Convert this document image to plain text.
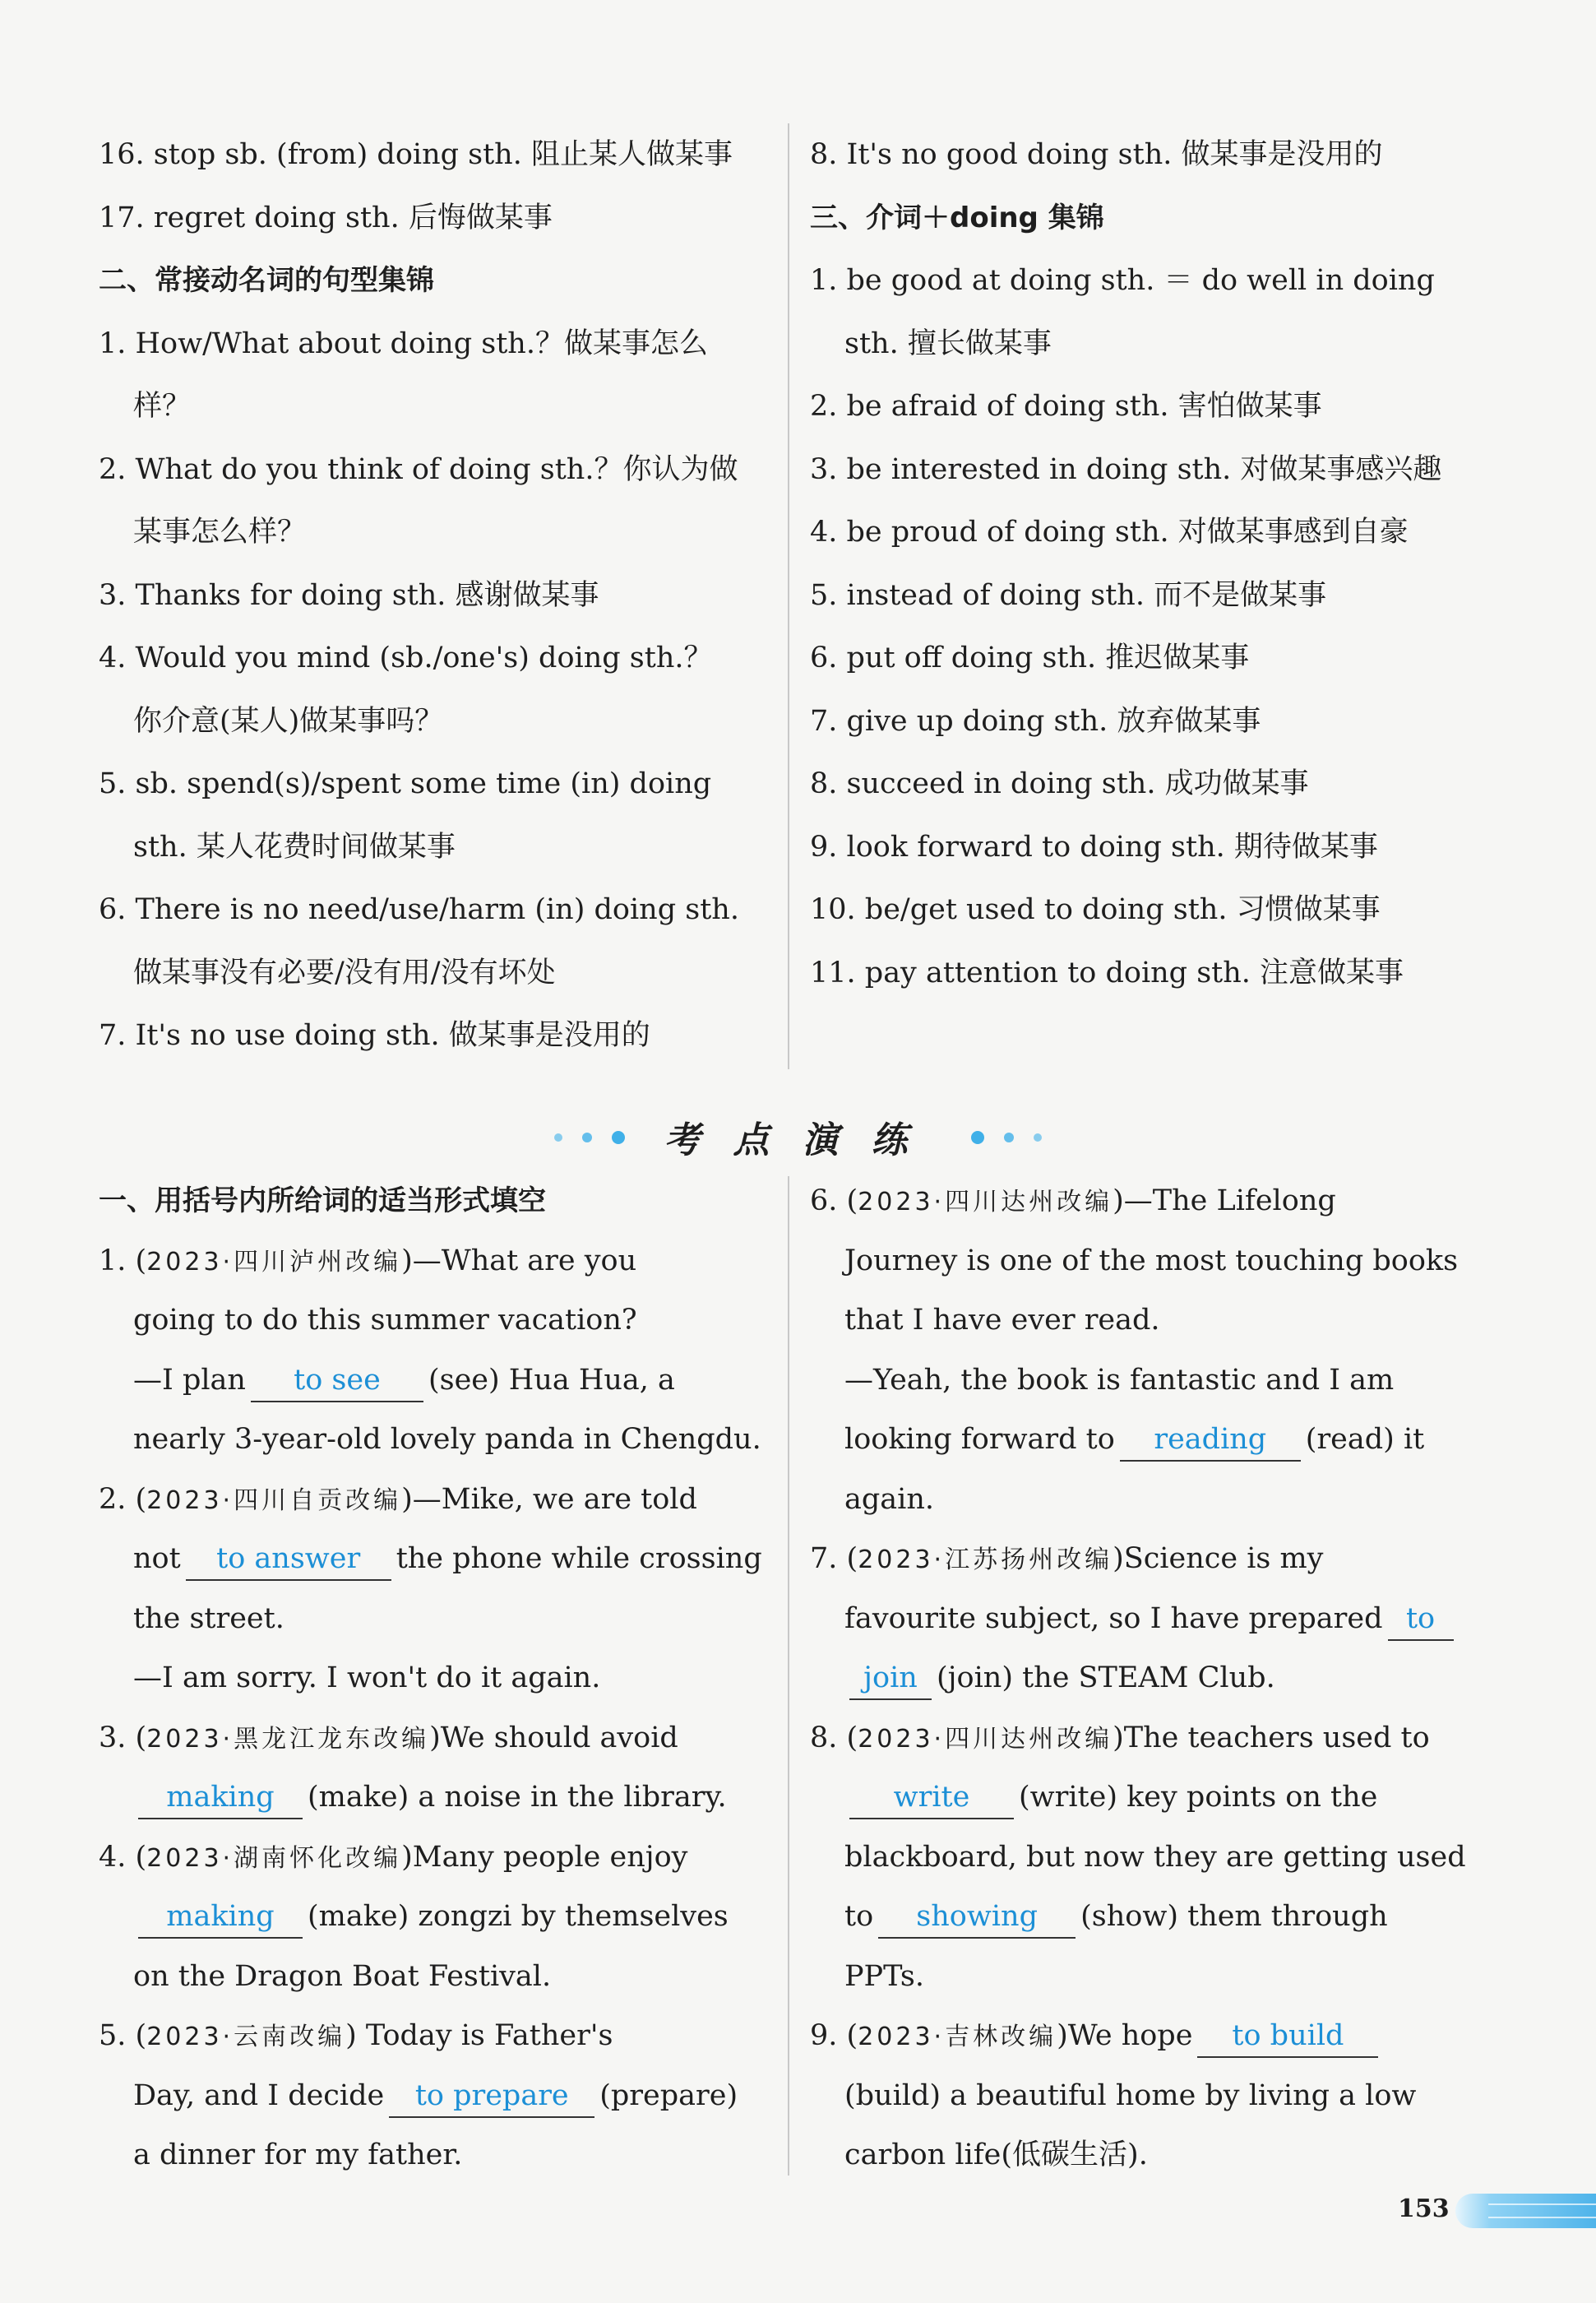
16. stop sb. (from) doing sth. 阻止某人做某事
17. regret doing sth. 后悔做某事
二、常接动名词的句型集锦
1. How/What about doing sth.？做某事怎么
样？
2. What do you think of doing sth.？你认为做
某事怎么样？
3. Thanks for doing sth. 感谢做某事
4. Would you mind (sb./one's) doing sth.？
你介意(某人)做某事吗？
5. sb. spend(s)/spent some time (in) doing
sth. 某人花费时间做某事
6. There is no need/use/harm (in) doing sth.
做某事没有必要/没有用/没有坏处
7. It's no use doing sth. 做某事是没用的
8. It's no good doing sth. 做某事是没用的
三、介词＋doing 集锦
1. be good at doing sth. ＝ do well in doing
sth. 擅长做某事
2. be afraid of doing sth. 害怕做某事
3. be interested in doing sth. 对做某事感兴趣
4. be proud of doing sth. 对做某事感到自豪
5. instead of doing sth. 而不是做某事
6. put off doing sth. 推迟做某事
7. give up doing sth. 放弃做某事
8. succeed in doing sth. 成功做某事
9. look forward to doing sth. 期待做某事
10. be/get used to doing sth. 习惯做某事
11. pay attention to doing sth. 注意做某事
考点演练
一、用括号内所给词的适当形式填空
1. (2023·四川泸州改编)—What are you
going to do this summer vacation?
—I plan to see (see) Hua Hua, a
nearly 3-year-old lovely panda in Chengdu.
2. (2023·四川自贡改编)—Mike, we are told
not to answer the phone while crossing
the street.
—I am sorry. I won't do it again.
3. (2023·黑龙江龙东改编)We should avoid
making (make) a noise in the library.
4. (2023·湖南怀化改编)Many people enjoy
making (make) zongzi by themselves
on the Dragon Boat Festival.
5. (2023·云南改编) Today is Father's
Day, and I decide to prepare (prepare)
a dinner for my father.
6. (2023·四川达州改编)—The Lifelong
Journey is one of the most touching books
that I have ever read.
—Yeah, the book is fantastic and I am
looking forward to reading (read) it
again.
7. (2023·江苏扬州改编)Science is my
favourite subject, so I have prepared to
join (join) the STEAM Club.
8. (2023·四川达州改编)The teachers used to
write (write) key points on the
blackboard, but now they are getting used
to showing (show) them through
PPTs.
9. (2023·吉林改编)We hope to build
(build) a beautiful home by living a low
carbon life(低碳生活).
153
